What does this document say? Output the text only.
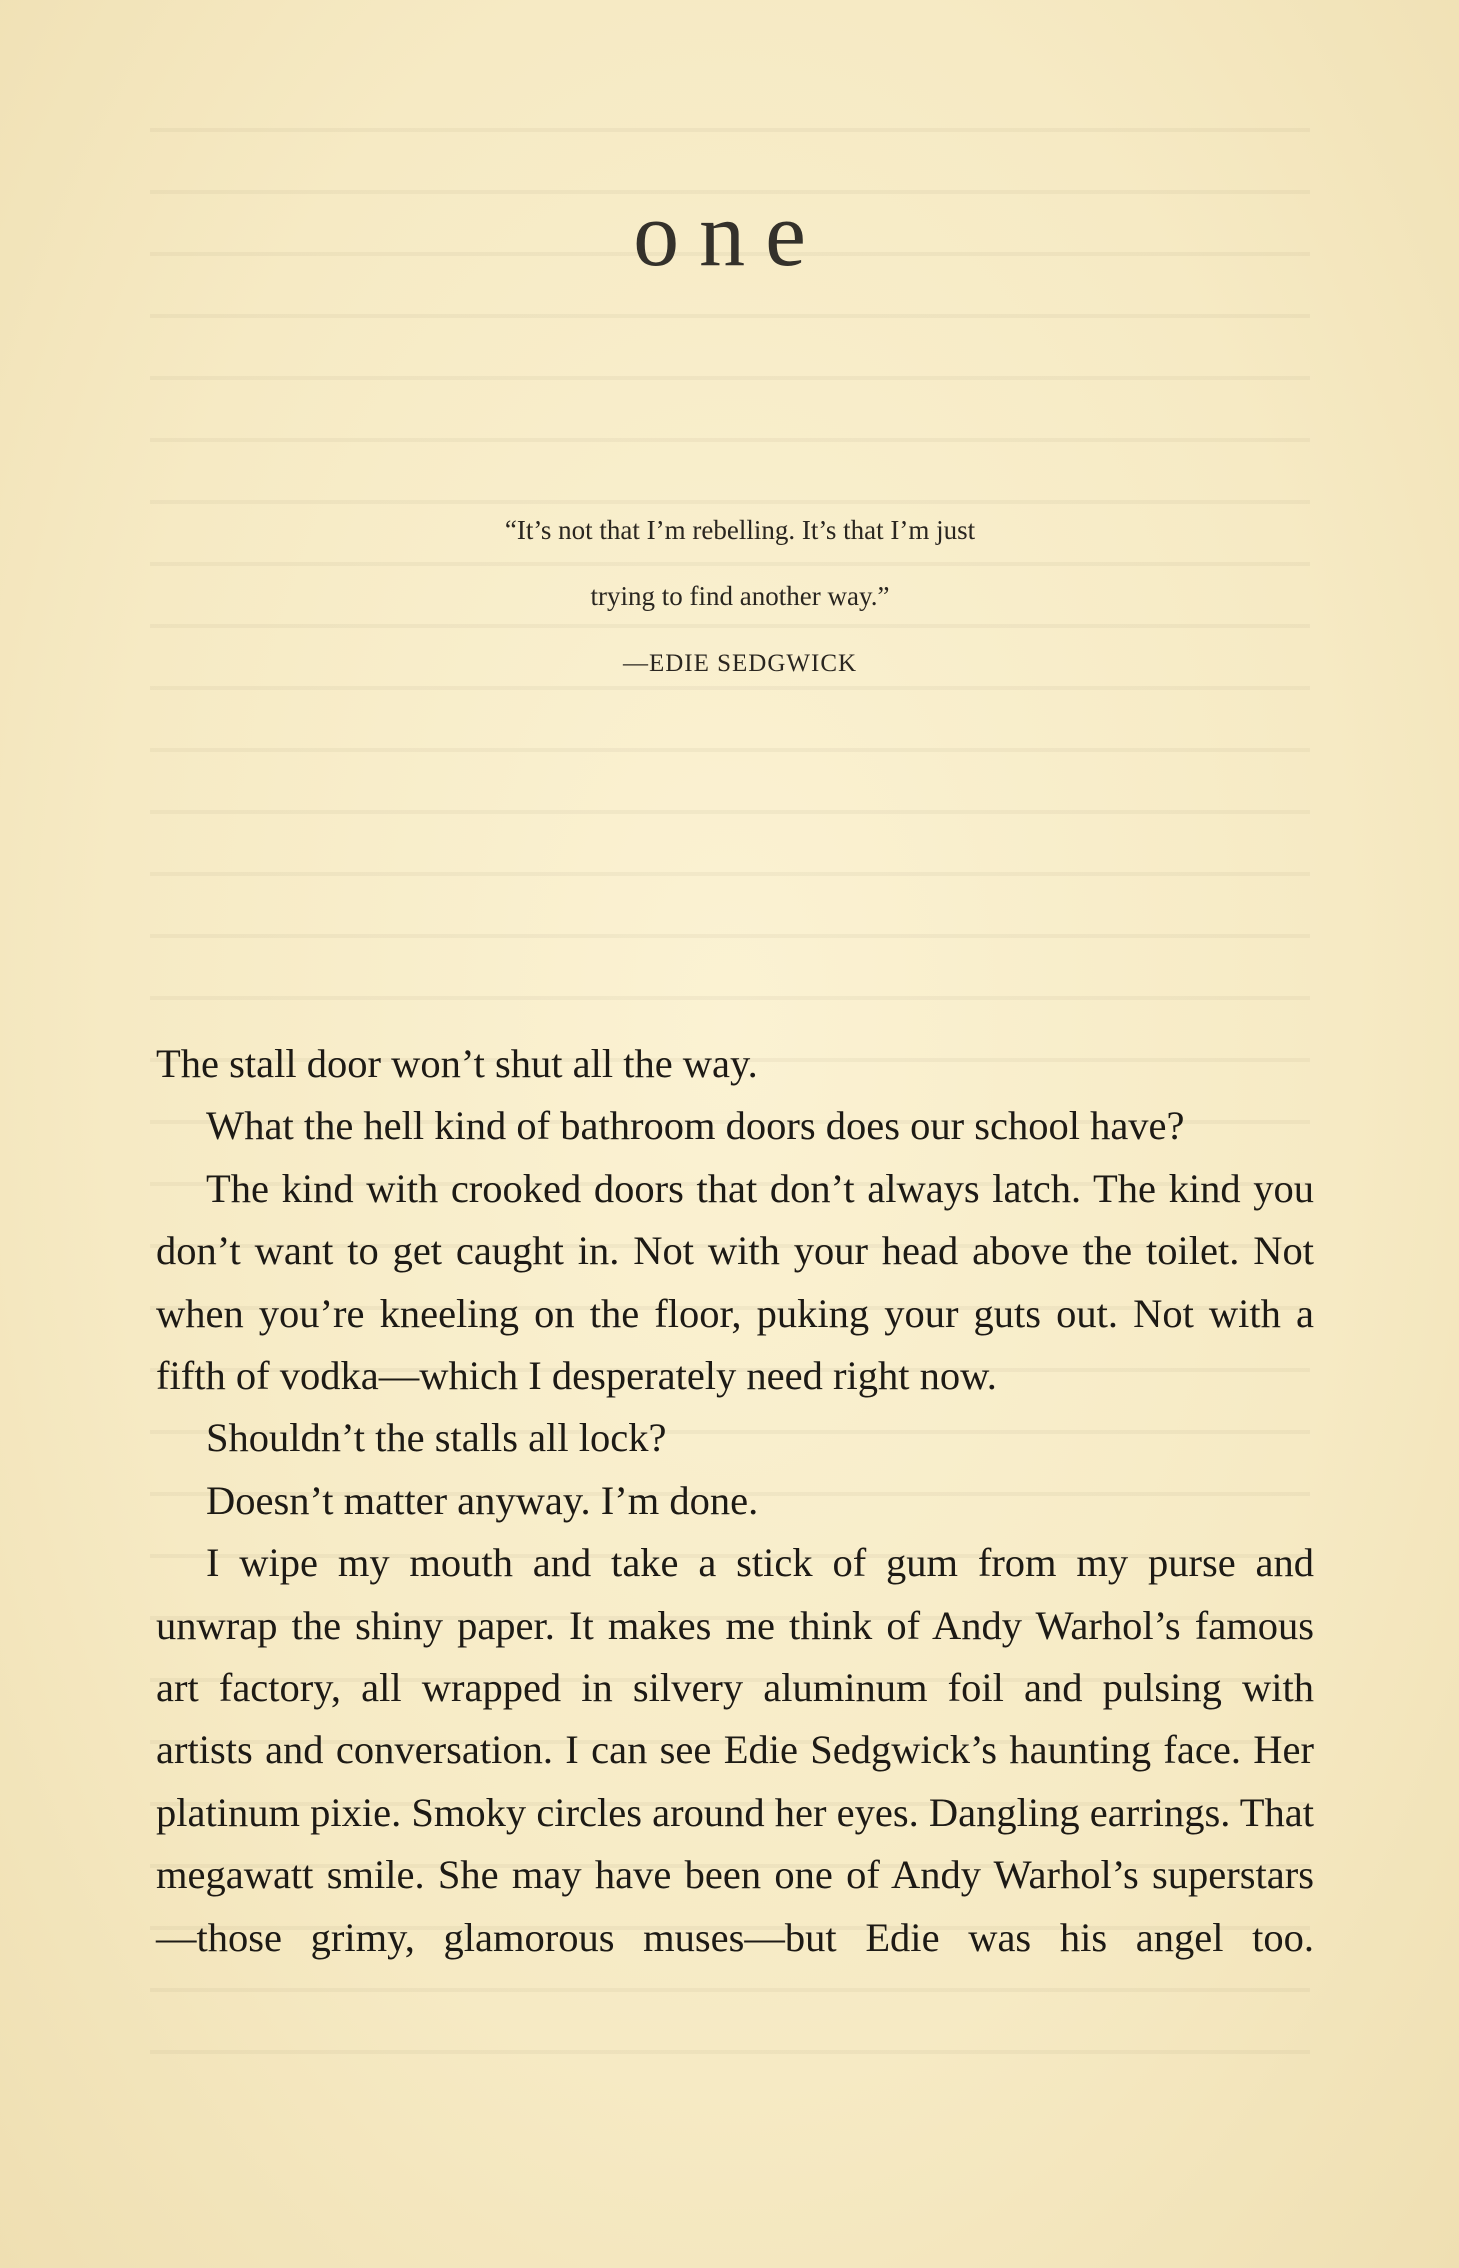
one
“It’s not that I’m rebelling. It’s that I’m just
trying to find another way.”
—EDIE SEDGWICK

The stall door won’t shut all the way.

What the hell kind of bathroom doors does our school have?

The kind with crooked doors that don’t always latch. The kind you don’t want to get caught in. Not with your head above the toilet. Not when you’re kneeling on the floor, puking your guts out. Not with a fifth of vodka—which I desperately need right now.

Shouldn’t the stalls all lock?

Doesn’t matter anyway. I’m done.

I wipe my mouth and take a stick of gum from my purse and unwrap the shiny paper. It makes me think of Andy Warhol’s famous art factory, all wrapped in silvery aluminum foil and pulsing with artists and conversation. I can see Edie Sedgwick’s haunting face. Her platinum pixie. Smoky circles around her eyes. Dangling earrings. That megawatt smile. She may have been one of Andy Warhol’s superstars—those grimy, glamorous muses—but Edie was his angel too.
